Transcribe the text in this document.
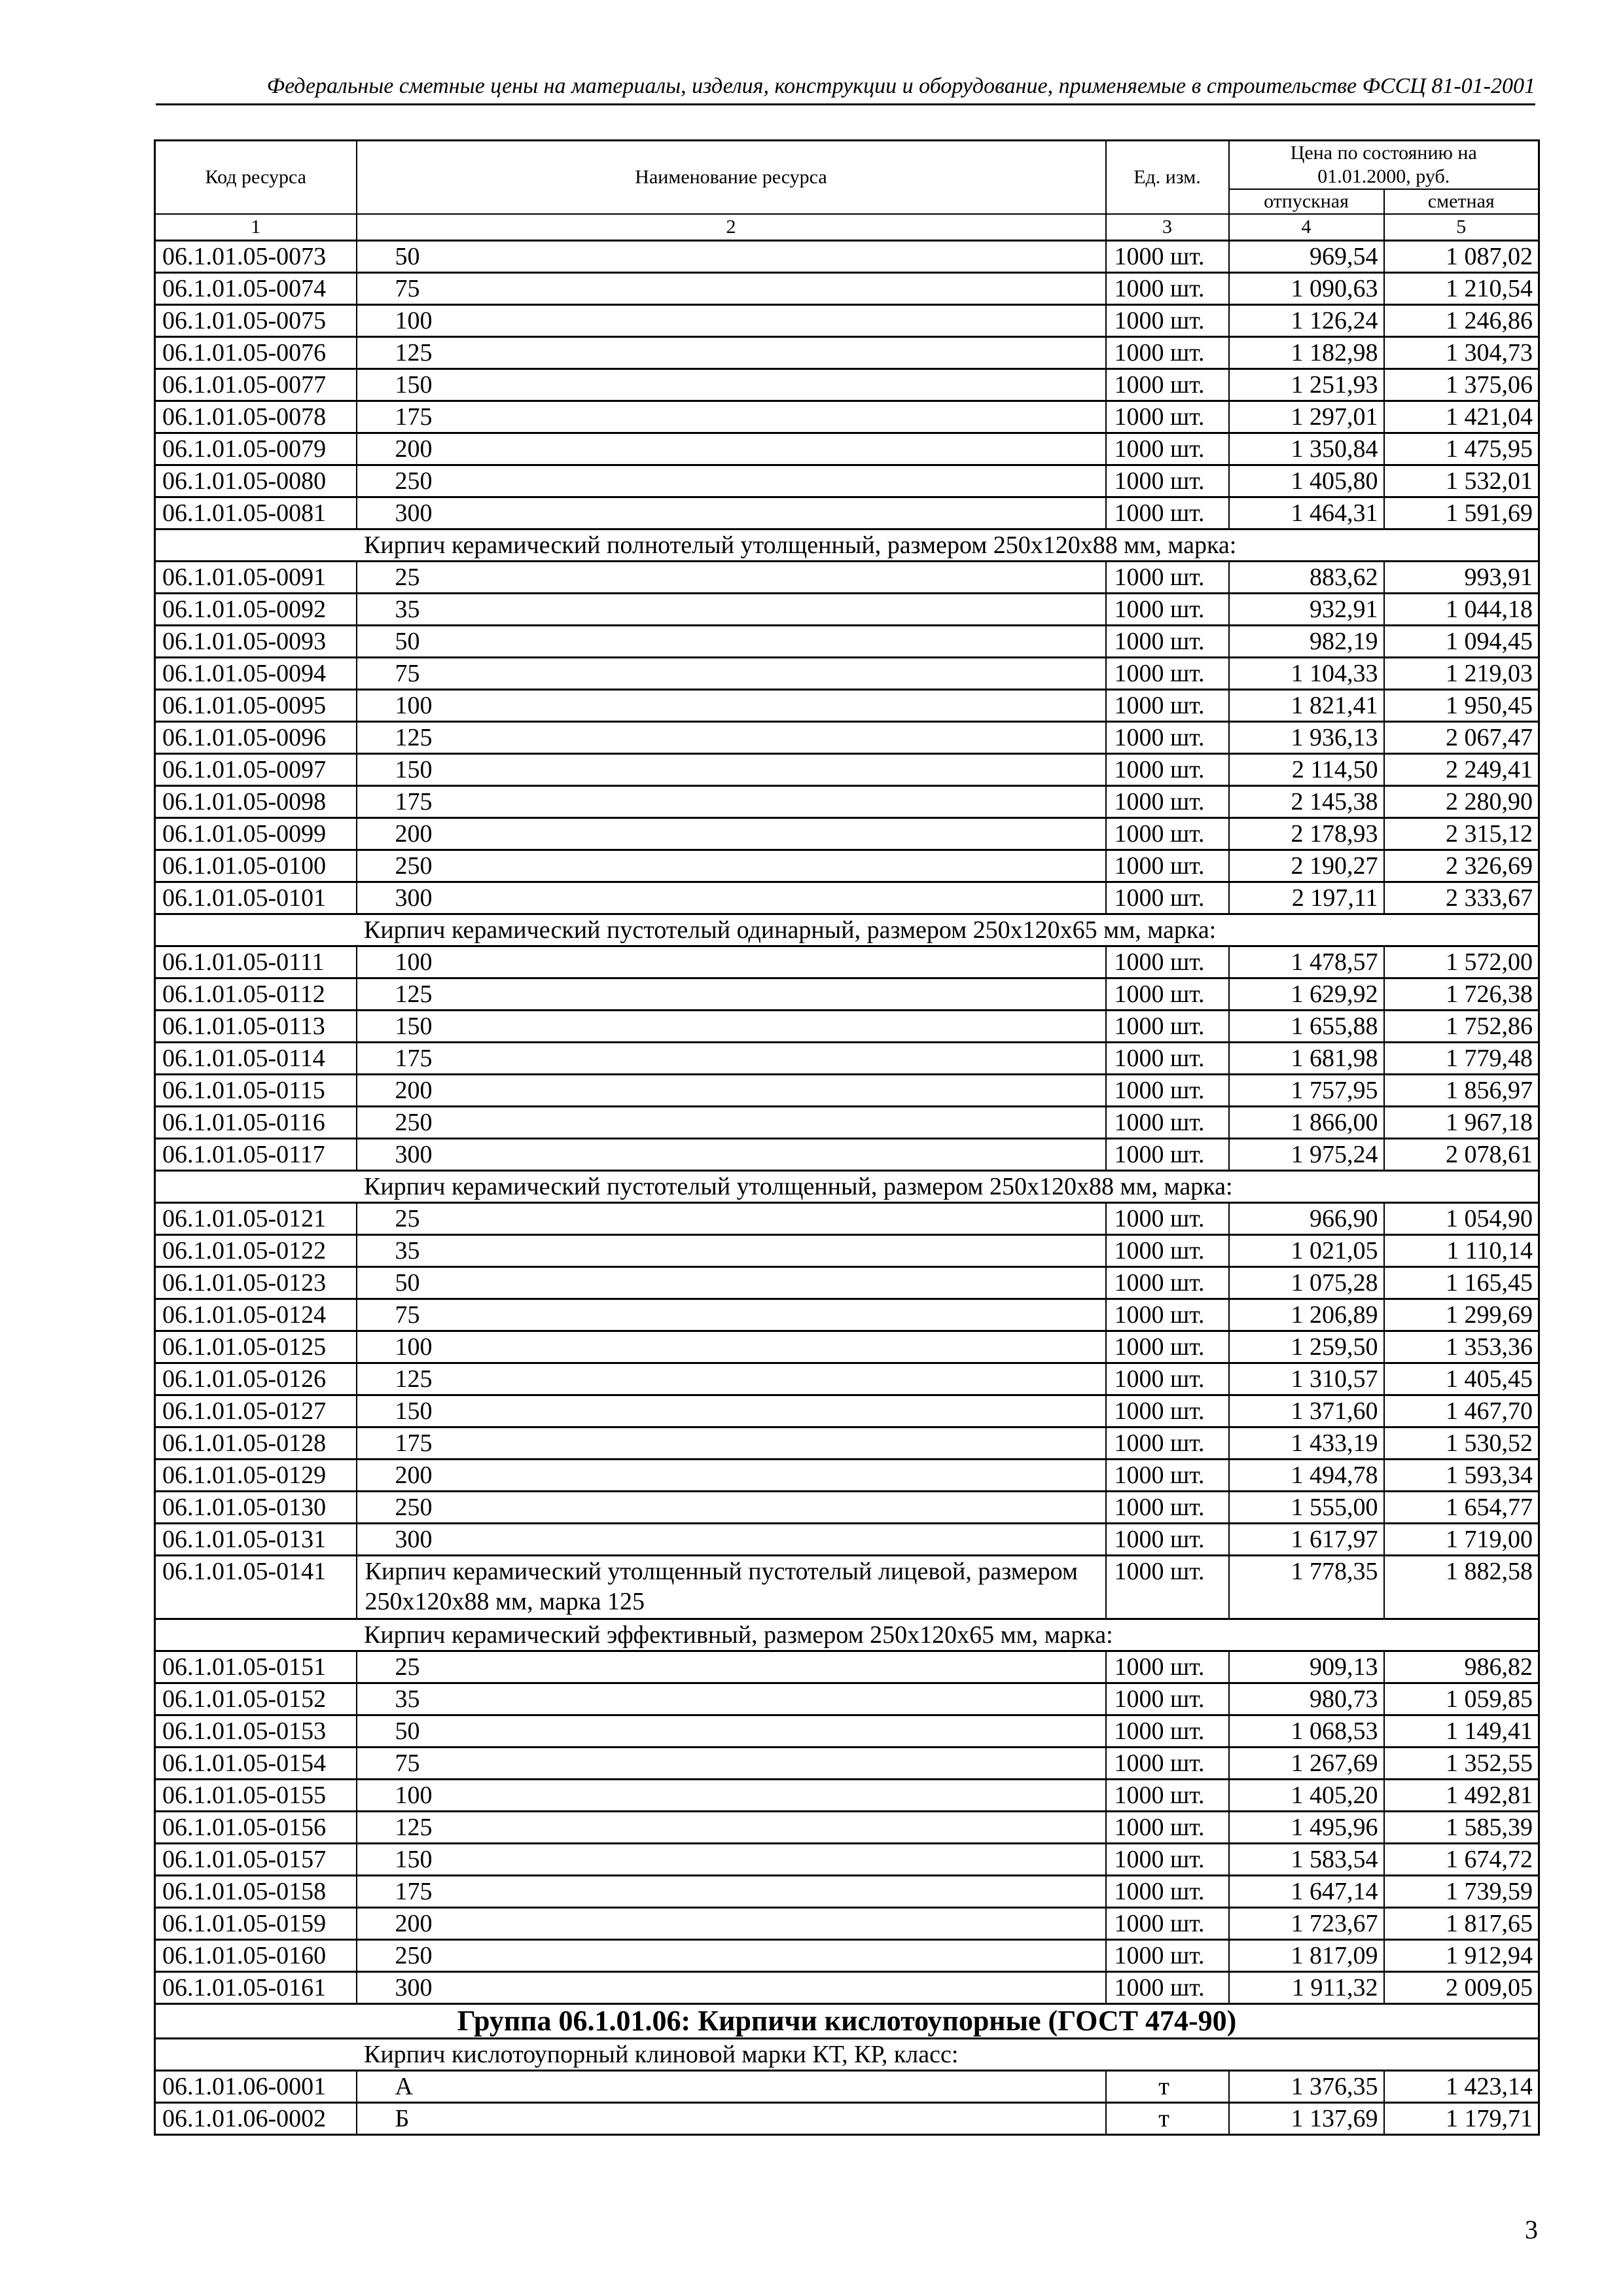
Федеральные сметные цены на материалы, изделия, конструкции и оборудование, применяемые в строительстве ФССЦ 81-01-2001
Код ресурса	Наименование ресурса	Ед. изм.	Цена по состоянию на 01.01.2000, руб.	
			отпускная	сметная
1	2	3	4	5
06.1.01.05-0073	50	1000 шт.	969,54	1 087,02
06.1.01.05-0074	75	1000 шт.	1 090,63	1 210,54
06.1.01.05-0075	100	1000 шт.	1 126,24	1 246,86
06.1.01.05-0076	125	1000 шт.	1 182,98	1 304,73
06.1.01.05-0077	150	1000 шт.	1 251,93	1 375,06
06.1.01.05-0078	175	1000 шт.	1 297,01	1 421,04
06.1.01.05-0079	200	1000 шт.	1 350,84	1 475,95
06.1.01.05-0080	250	1000 шт.	1 405,80	1 532,01
06.1.01.05-0081	300	1000 шт.	1 464,31	1 591,69
Кирпич керамический полнотелый утолщенный, размером 250x120x88 мм, марка:				
06.1.01.05-0091	25	1000 шт.	883,62	993,91
06.1.01.05-0092	35	1000 шт.	932,91	1 044,18
06.1.01.05-0093	50	1000 шт.	982,19	1 094,45
06.1.01.05-0094	75	1000 шт.	1 104,33	1 219,03
06.1.01.05-0095	100	1000 шт.	1 821,41	1 950,45
06.1.01.05-0096	125	1000 шт.	1 936,13	2 067,47
06.1.01.05-0097	150	1000 шт.	2 114,50	2 249,41
06.1.01.05-0098	175	1000 шт.	2 145,38	2 280,90
06.1.01.05-0099	200	1000 шт.	2 178,93	2 315,12
06.1.01.05-0100	250	1000 шт.	2 190,27	2 326,69
06.1.01.05-0101	300	1000 шт.	2 197,11	2 333,67
Кирпич керамический пустотелый одинарный, размером 250x120x65 мм, марка:				
06.1.01.05-0111	100	1000 шт.	1 478,57	1 572,00
06.1.01.05-0112	125	1000 шт.	1 629,92	1 726,38
06.1.01.05-0113	150	1000 шт.	1 655,88	1 752,86
06.1.01.05-0114	175	1000 шт.	1 681,98	1 779,48
06.1.01.05-0115	200	1000 шт.	1 757,95	1 856,97
06.1.01.05-0116	250	1000 шт.	1 866,00	1 967,18
06.1.01.05-0117	300	1000 шт.	1 975,24	2 078,61
Кирпич керамический пустотелый утолщенный, размером 250x120x88 мм, марка:				
06.1.01.05-0121	25	1000 шт.	966,90	1 054,90
06.1.01.05-0122	35	1000 шт.	1 021,05	1 110,14
06.1.01.05-0123	50	1000 шт.	1 075,28	1 165,45
06.1.01.05-0124	75	1000 шт.	1 206,89	1 299,69
06.1.01.05-0125	100	1000 шт.	1 259,50	1 353,36
06.1.01.05-0126	125	1000 шт.	1 310,57	1 405,45
06.1.01.05-0127	150	1000 шт.	1 371,60	1 467,70
06.1.01.05-0128	175	1000 шт.	1 433,19	1 530,52
06.1.01.05-0129	200	1000 шт.	1 494,78	1 593,34
06.1.01.05-0130	250	1000 шт.	1 555,00	1 654,77
06.1.01.05-0131	300	1000 шт.	1 617,97	1 719,00
06.1.01.05-0141	Кирпич керамический утолщенный пустотелый лицевой, размером 250x120x88 мм, марка 125	1000 шт.	1 778,35	1 882,58
Кирпич керамический эффективный, размером 250x120x65 мм, марка:				
06.1.01.05-0151	25	1000 шт.	909,13	986,82
06.1.01.05-0152	35	1000 шт.	980,73	1 059,85
06.1.01.05-0153	50	1000 шт.	1 068,53	1 149,41
06.1.01.05-0154	75	1000 шт.	1 267,69	1 352,55
06.1.01.05-0155	100	1000 шт.	1 405,20	1 492,81
06.1.01.05-0156	125	1000 шт.	1 495,96	1 585,39
06.1.01.05-0157	150	1000 шт.	1 583,54	1 674,72
06.1.01.05-0158	175	1000 шт.	1 647,14	1 739,59
06.1.01.05-0159	200	1000 шт.	1 723,67	1 817,65
06.1.01.05-0160	250	1000 шт.	1 817,09	1 912,94
06.1.01.05-0161	300	1000 шт.	1 911,32	2 009,05
Группа 06.1.01.06: Кирпичи кислотоупорные (ГОСТ 474-90)				
Кирпич кислотоупорный клиновой марки КТ, КР, класс:				
06.1.01.06-0001	А	т	1 376,35	1 423,14
06.1.01.06-0002	Б	т	1 137,69	1 179,71
3
